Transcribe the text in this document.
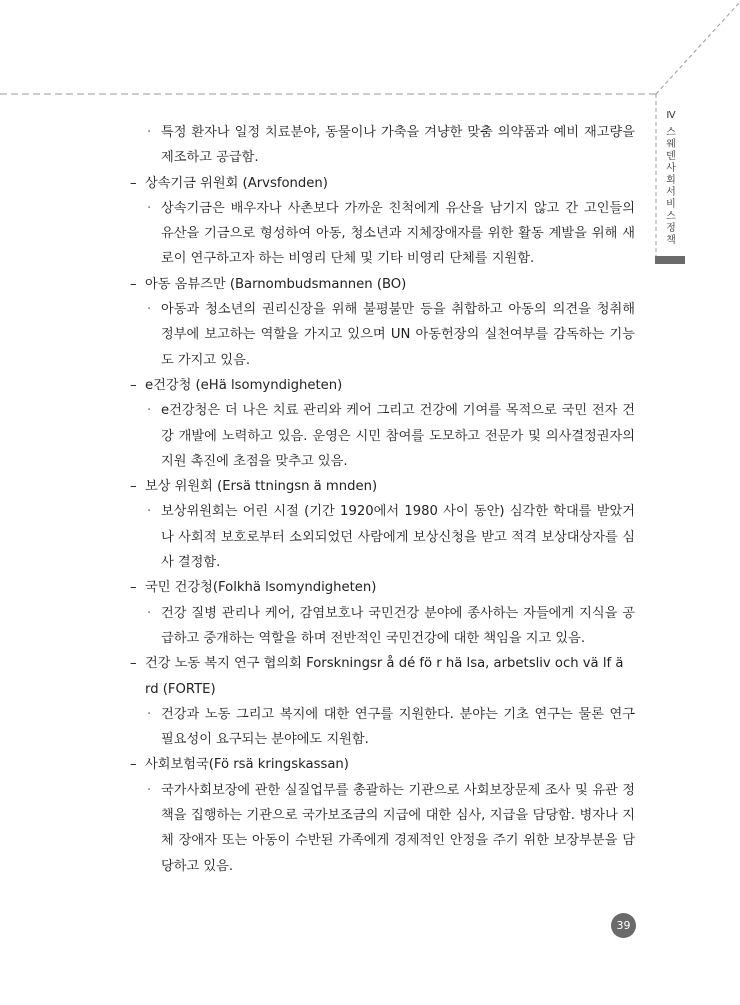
Ⅳ
스웨덴 사회서비스 정책
· 특정 환자나 일정 치료분야, 동물이나 가축을 겨냥한 맞춤 의약품과 예비 재고량을 제조하고 공급함.
– 상속기금 위원회 (Arvsfonden)
· 상속기금은 배우자나 사촌보다 가까운 친척에게 유산을 남기지 않고 간 고인들의 유산을 기금으로 형성하여 아동, 청소년과 지체장애자를 위한 활동 계발을 위해 새로이 연구하고자 하는 비영리 단체 및 기타 비영리 단체를 지원함.
– 아동 옴뷰즈만 (Barnombudsmannen (BO)
· 아동과 청소년의 권리신장을 위해 불평불만 등을 취합하고 아동의 의견을 청취해 정부에 보고하는 역할을 가지고 있으며 UN 아동헌장의 실천여부를 감독하는 기능도 가지고 있음.
– e건강청 (eHä lsomyndigheten)
· e건강청은 더 나은 치료 관리와 케어 그리고 건강에 기여를 목적으로 국민 전자 건강 개발에 노력하고 있음. 운영은 시민 참여를 도모하고 전문가 및 의사결정권자의 지원 촉진에 초점을 맞추고 있음.
– 보상 위원회 (Ersä ttningsn ä mnden)
· 보상위원회는 어린 시절 (기간 1920에서 1980 사이 동안) 심각한 학대를 받았거나 사회적 보호로부터 소외되었던 사람에게 보상신청을 받고 적격 보상대상자를 심사 결정함.
– 국민 건강청(Folkhä lsomyndigheten)
· 건강 질병 관리나 케어, 감염보호나 국민건강 분야에 종사하는 자들에게 지식을 공급하고 중개하는 역할을 하며 전반적인 국민건강에 대한 책임을 지고 있음.
– 건강 노동 복지 연구 협의회 Forskningsr å dé fö r hä lsa, arbetsliv och vä lf ä rd (FORTE)
· 건강과 노동 그리고 복지에 대한 연구를 지원한다. 분야는 기초 연구는 물론 연구 필요성이 요구되는 분야에도 지원함.
– 사회보험국(Fö rsä kringskassan)
· 국가사회보장에 관한 실질업무를 총괄하는 기관으로 사회보장문제 조사 및 유관 정책을 집행하는 기관으로 국가보조금의 지급에 대한 심사, 지급을 담당함. 병자나 지체 장애자 또는 아동이 수반된 가족에게 경제적인 안정을 주기 위한 보장부분을 담당하고 있음.
39
